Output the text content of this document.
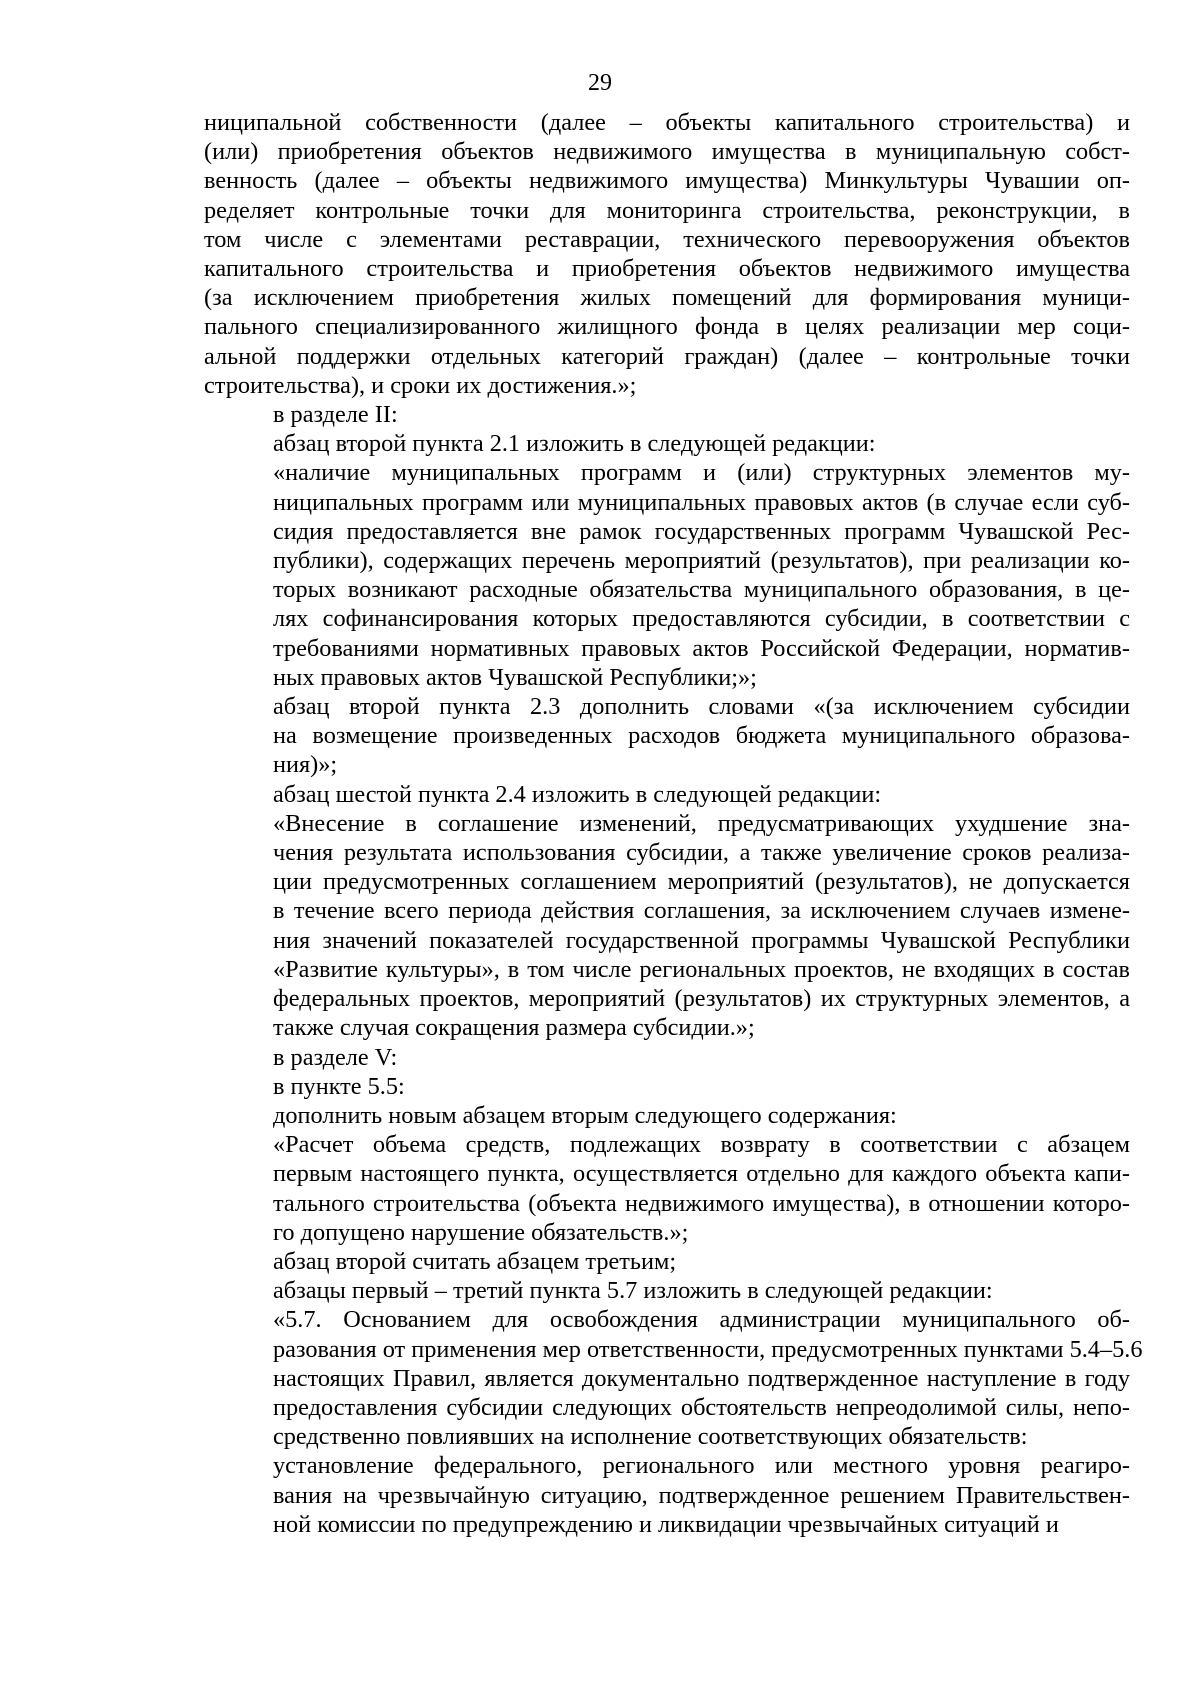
29
ниципальной собственности (далее – объекты капитального строительства) и
(или) приобретения объектов недвижимого имущества в муниципальную собст-
венность (далее – объекты недвижимого имущества) Минкультуры Чувашии оп-
ределяет контрольные точки для мониторинга строительства, реконструкции, в
том числе с элементами реставрации, технического перевооружения объектов
капитального строительства и приобретения объектов недвижимого имущества
(за исключением приобретения жилых помещений для формирования муници-
пального специализированного жилищного фонда в целях реализации мер соци-
альной поддержки отдельных категорий граждан) (далее – контрольные точки
строительства), и сроки их достижения.»;
в разделе II:
абзац второй пункта 2.1 изложить в следующей редакции:
«наличие муниципальных программ и (или) структурных элементов му-
ниципальных программ или муниципальных правовых актов (в случае если суб-
сидия предоставляется вне рамок государственных программ Чувашской Рес-
публики), содержащих перечень мероприятий (результатов), при реализации ко-
торых возникают расходные обязательства муниципального образования, в це-
лях софинансирования которых предоставляются субсидии, в соответствии с
требованиями нормативных правовых актов Российской Федерации, норматив-
ных правовых актов Чувашской Республики;»;
абзац второй пункта 2.3 дополнить словами «(за исключением субсидии
на возмещение произведенных расходов бюджета муниципального образова-
ния)»;
абзац шестой пункта 2.4 изложить в следующей редакции:
«Внесение в соглашение изменений, предусматривающих ухудшение зна-
чения результата использования субсидии, а также увеличение сроков реализа-
ции предусмотренных соглашением мероприятий (результатов), не допускается
в течение всего периода действия соглашения, за исключением случаев измене-
ния значений показателей государственной программы Чувашской Республики
«Развитие культуры», в том числе региональных проектов, не входящих в состав
федеральных проектов, мероприятий (результатов) их структурных элементов, а
также случая сокращения размера субсидии.»;
в разделе V:
в пункте 5.5:
дополнить новым абзацем вторым следующего содержания:
«Расчет объема средств, подлежащих возврату в соответствии с абзацем
первым настоящего пункта, осуществляется отдельно для каждого объекта капи-
тального строительства (объекта недвижимого имущества), в отношении которо-
го допущено нарушение обязательств.»;
абзац второй считать абзацем третьим;
абзацы первый – третий пункта 5.7 изложить в следующей редакции:
«5.7. Основанием для освобождения администрации муниципального об-
разования от применения мер ответственности, предусмотренных пунктами 5.4–5.6
настоящих Правил, является документально подтвержденное наступление в году
предоставления субсидии следующих обстоятельств непреодолимой силы, непо-
средственно повлиявших на исполнение соответствующих обязательств:
установление федерального, регионального или местного уровня реагиро-
вания на чрезвычайную ситуацию, подтвержденное решением Правительствен-
ной комиссии по предупреждению и ликвидации чрезвычайных ситуаций и
